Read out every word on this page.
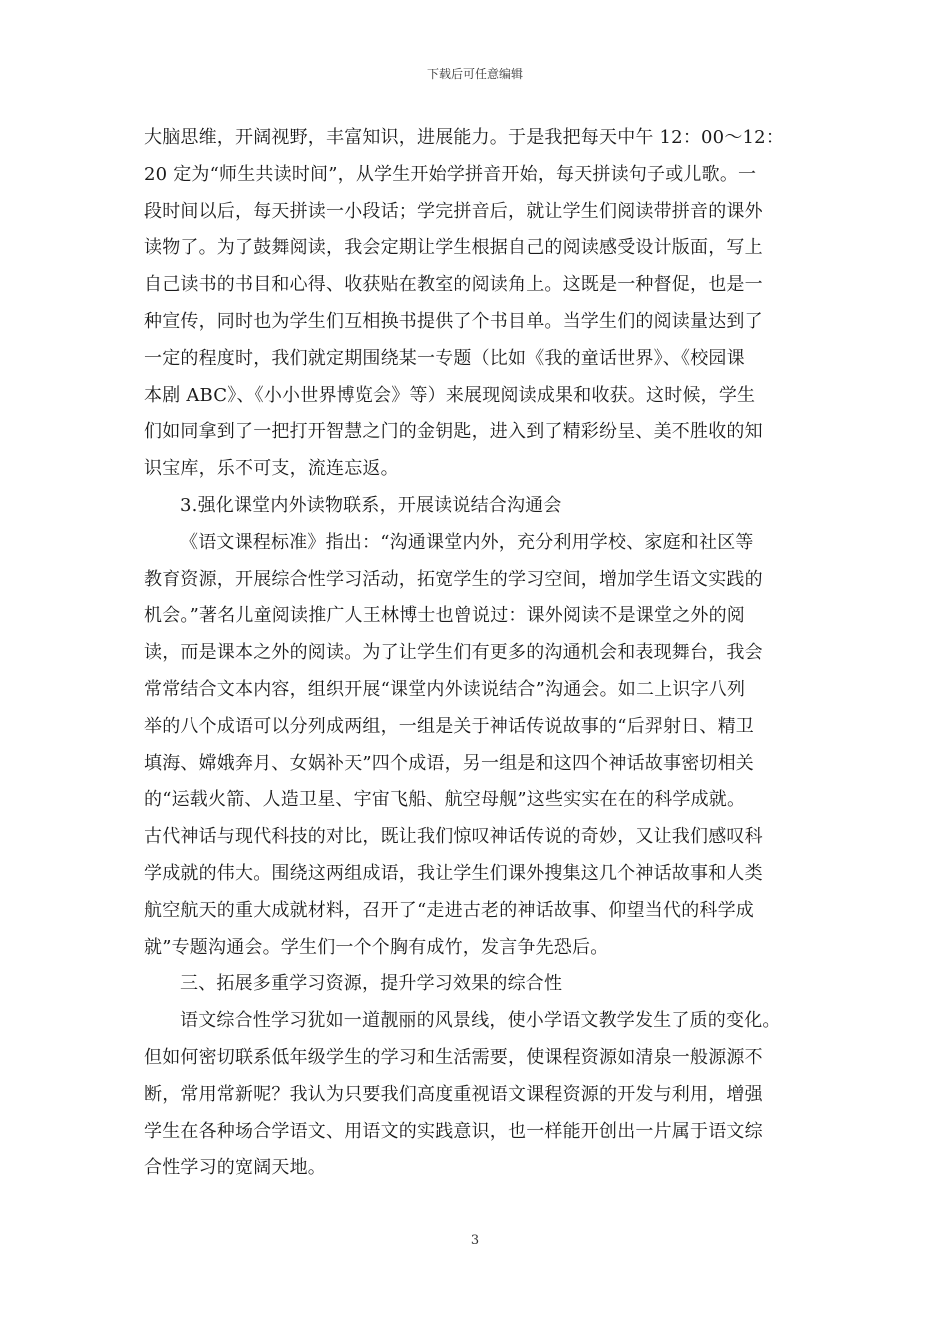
下载后可任意编辑
大脑思维，开阔视野，丰富知识，进展能力。于是我把每天中午 12：00～12：
20 定为“师生共读时间”，从学生开始学拼音开始，每天拼读句子或儿歌。一
段时间以后，每天拼读一小段话；学完拼音后，就让学生们阅读带拼音的课外
读物了。为了鼓舞阅读，我会定期让学生根据自己的阅读感受设计版面，写上
自己读书的书目和心得、收获贴在教室的阅读角上。这既是一种督促，也是一
种宣传，同时也为学生们互相换书提供了个书目单。当学生们的阅读量达到了
一定的程度时，我们就定期围绕某一专题（比如《我的童话世界》、《校园课
本剧 ABC》、《小小世界博览会》等）来展现阅读成果和收获。这时候，学生
们如同拿到了一把打开智慧之门的金钥匙，进入到了精彩纷呈、美不胜收的知
识宝库，乐不可支，流连忘返。
3.强化课堂内外读物联系，开展读说结合沟通会
《语文课程标准》指出：“沟通课堂内外，充分利用学校、家庭和社区等
教育资源，开展综合性学习活动，拓宽学生的学习空间，增加学生语文实践的
机会。”著名儿童阅读推广人王林博士也曾说过：课外阅读不是课堂之外的阅
读，而是课本之外的阅读。为了让学生们有更多的沟通机会和表现舞台，我会
常常结合文本内容，组织开展“课堂内外读说结合”沟通会。如二上识字八列
举的八个成语可以分列成两组，一组是关于神话传说故事的“后羿射日、精卫
填海、嫦娥奔月、女娲补天”四个成语，另一组是和这四个神话故事密切相关
的“运载火箭、人造卫星、宇宙飞船、航空母舰”这些实实在在的科学成就。
古代神话与现代科技的对比，既让我们惊叹神话传说的奇妙，又让我们感叹科
学成就的伟大。围绕这两组成语，我让学生们课外搜集这几个神话故事和人类
航空航天的重大成就材料，召开了“走进古老的神话故事、仰望当代的科学成
就”专题沟通会。学生们一个个胸有成竹，发言争先恐后。
三、拓展多重学习资源，提升学习效果的综合性
语文综合性学习犹如一道靓丽的风景线，使小学语文教学发生了质的变化。
但如何密切联系低年级学生的学习和生活需要，使课程资源如清泉一般源源不
断，常用常新呢？我认为只要我们高度重视语文课程资源的开发与利用，增强
学生在各种场合学语文、用语文的实践意识，也一样能开创出一片属于语文综
合性学习的宽阔天地。
3
